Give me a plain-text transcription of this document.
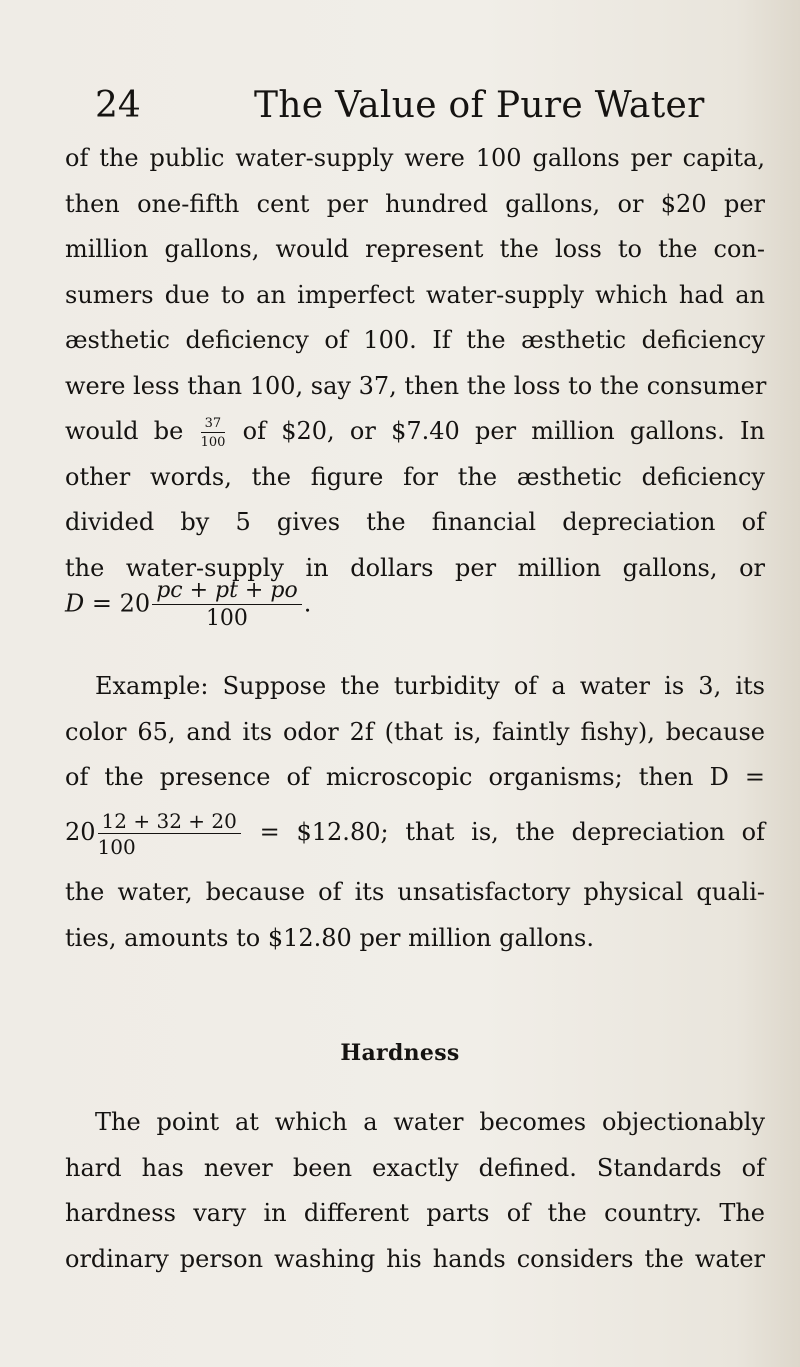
24	The Value of Pure Water
of the public water-supply were 100 gallons per capita,
then one-fifth cent per hundred gallons, or $20 per
million gallons, would represent the loss to the con-
sumers due to an imperfect water-supply which had an
æsthetic deficiency of 100. If the æsthetic deficiency
were less than 100, say 37, then the loss to the consumer
would be $\frac{37}{100}$ of $20, or $7.40 per million gallons. In
other words, the figure for the æsthetic deficiency
divided by 5 gives the financial depreciation of
the water-supply in dollars per million gallons, or
$D = 20 \frac{pc + pt + po}{100}$ .
Example: Suppose the turbidity of a water is 3, its
color 65, and its odor 2f (that is, faintly fishy), because
of the presence of microscopic organisms; then D =
$20 \frac{12 + 32 + 20}{100}$ = $12.80; that is, the depreciation of
the water, because of its unsatisfactory physical quali-
ties, amounts to $12.80 per million gallons.
Hardness
The point at which a water becomes objectionably
hard has never been exactly defined. Standards of
hardness vary in different parts of the country. The
ordinary person washing his hands considers the water
